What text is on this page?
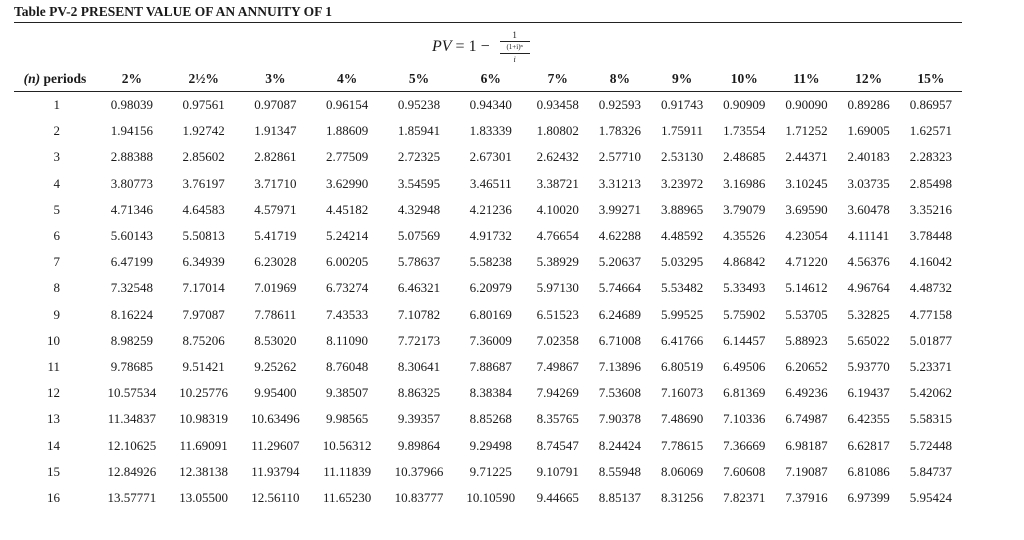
Table PV-2 PRESENT VALUE OF AN ANNUITY OF 1
PV = 1 −
1
(1+i)ⁿ
i
(n) periods	2%	2½%	3%	4%	5%	6%	7%	8%	9%	10%	11%	12%	15%
1	0.98039	0.97561	0.97087	0.96154	0.95238	0.94340	0.93458	0.92593	0.91743	0.90909	0.90090	0.89286	0.86957
2	1.94156	1.92742	1.91347	1.88609	1.85941	1.83339	1.80802	1.78326	1.75911	1.73554	1.71252	1.69005	1.62571
3	2.88388	2.85602	2.82861	2.77509	2.72325	2.67301	2.62432	2.57710	2.53130	2.48685	2.44371	2.40183	2.28323
4	3.80773	3.76197	3.71710	3.62990	3.54595	3.46511	3.38721	3.31213	3.23972	3.16986	3.10245	3.03735	2.85498
5	4.71346	4.64583	4.57971	4.45182	4.32948	4.21236	4.10020	3.99271	3.88965	3.79079	3.69590	3.60478	3.35216
6	5.60143	5.50813	5.41719	5.24214	5.07569	4.91732	4.76654	4.62288	4.48592	4.35526	4.23054	4.11141	3.78448
7	6.47199	6.34939	6.23028	6.00205	5.78637	5.58238	5.38929	5.20637	5.03295	4.86842	4.71220	4.56376	4.16042
8	7.32548	7.17014	7.01969	6.73274	6.46321	6.20979	5.97130	5.74664	5.53482	5.33493	5.14612	4.96764	4.48732
9	8.16224	7.97087	7.78611	7.43533	7.10782	6.80169	6.51523	6.24689	5.99525	5.75902	5.53705	5.32825	4.77158
10	8.98259	8.75206	8.53020	8.11090	7.72173	7.36009	7.02358	6.71008	6.41766	6.14457	5.88923	5.65022	5.01877
11	9.78685	9.51421	9.25262	8.76048	8.30641	7.88687	7.49867	7.13896	6.80519	6.49506	6.20652	5.93770	5.23371
12	10.57534	10.25776	9.95400	9.38507	8.86325	8.38384	7.94269	7.53608	7.16073	6.81369	6.49236	6.19437	5.42062
13	11.34837	10.98319	10.63496	9.98565	9.39357	8.85268	8.35765	7.90378	7.48690	7.10336	6.74987	6.42355	5.58315
14	12.10625	11.69091	11.29607	10.56312	9.89864	9.29498	8.74547	8.24424	7.78615	7.36669	6.98187	6.62817	5.72448
15	12.84926	12.38138	11.93794	11.11839	10.37966	9.71225	9.10791	8.55948	8.06069	7.60608	7.19087	6.81086	5.84737
16	13.57771	13.05500	12.56110	11.65230	10.83777	10.10590	9.44665	8.85137	8.31256	7.82371	7.37916	6.97399	5.95424
